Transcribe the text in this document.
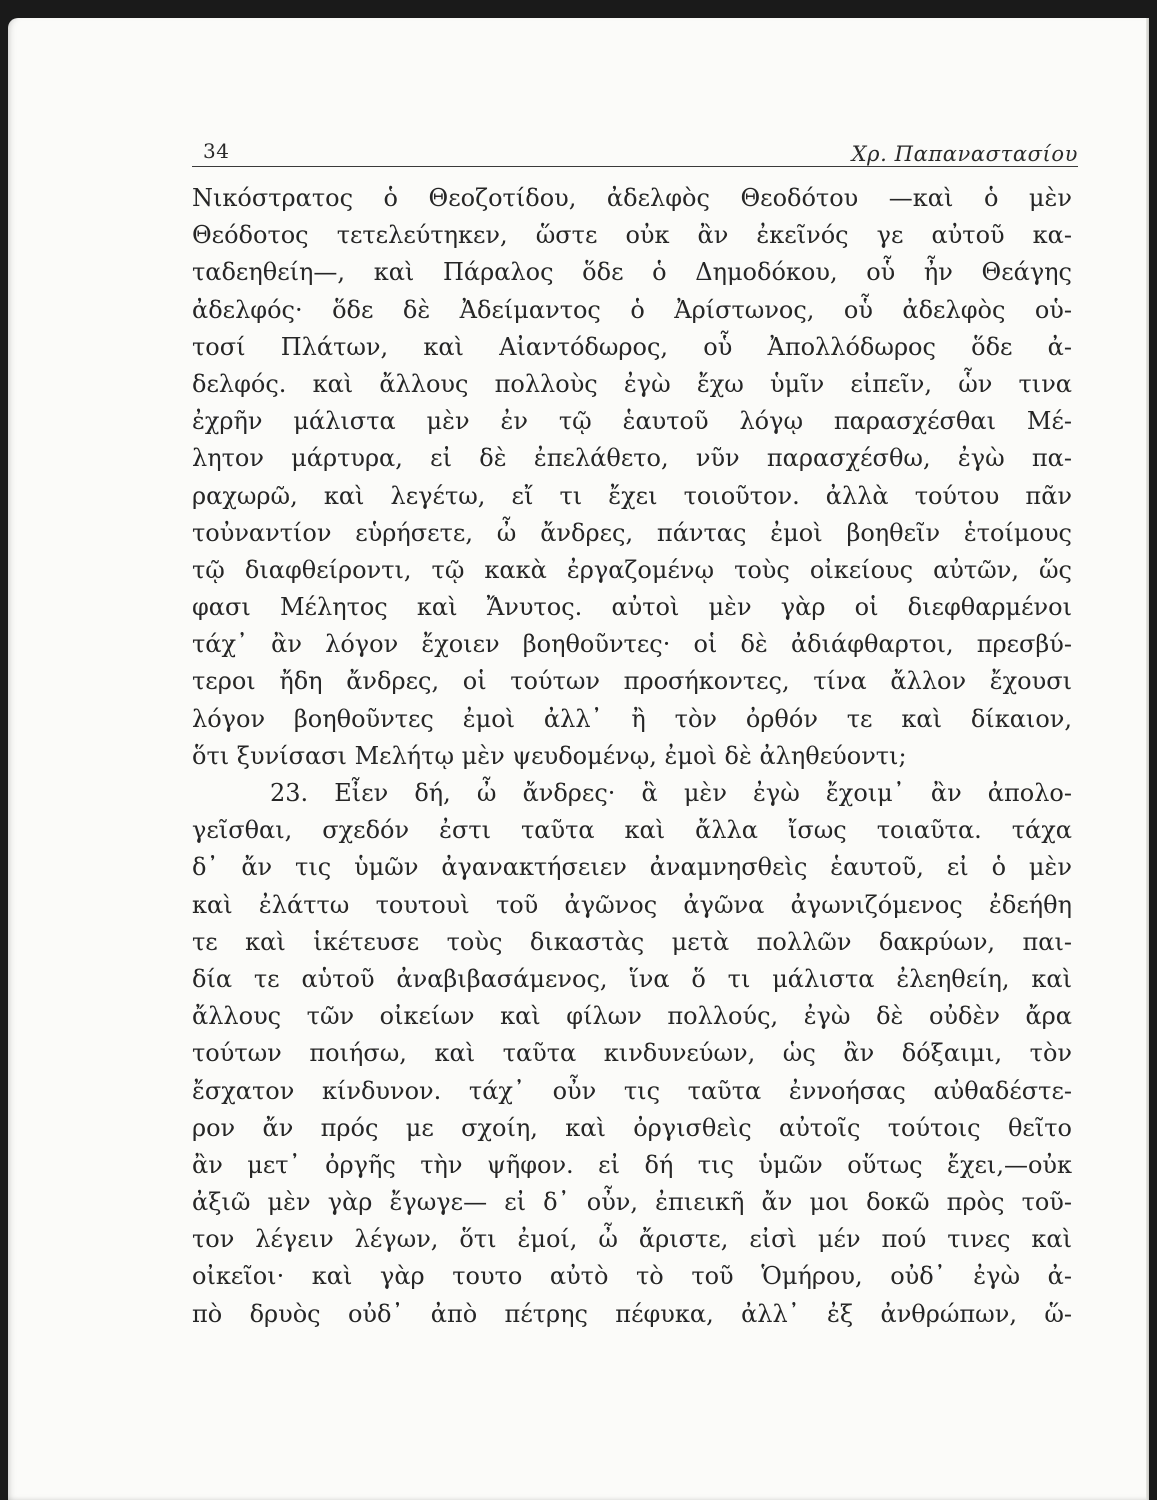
34	Χρ. Παπαναστασίου
Νικόστρατος ὁ Θεοζοτίδου, ἀδελφὸς Θεοδότου —καὶ ὁ μὲν
Θεόδοτος τετελεύτηκεν, ὥστε οὐκ ἂν ἐκεῖνός γε αὐτοῦ κα-
ταδεηθείη—, καὶ Πάραλος ὅδε ὁ Δημοδόκου, οὗ ἦν Θεάγης
ἀδελφός· ὅδε δὲ Ἀδείμαντος ὁ Ἀρίστωνος, οὗ ἀδελφὸς οὑ-
τοσί Πλάτων, καὶ Αἰαντόδωρος, οὗ Ἀπολλόδωρος ὅδε ἀ-
δελφός. καὶ ἄλλους πολλοὺς ἐγὼ ἔχω ὑμῖν εἰπεῖν, ὧν τινα
ἐχρῆν μάλιστα μὲν ἐν τῷ ἑαυτοῦ λόγῳ παρασχέσθαι Μέ-
λητον μάρτυρα, εἰ δὲ ἐπελάθετο, νῦν παρασχέσθω, ἐγὼ πα-
ραχωρῶ, καὶ λεγέτω, εἴ τι ἔχει τοιοῦτον. ἀλλὰ τούτου πᾶν
τοὐναντίον εὑρήσετε, ὦ ἄνδρες, πάντας ἐμοὶ βοηθεῖν ἑτοίμους
τῷ διαφθείροντι, τῷ κακὰ ἐργαζομένῳ τοὺς οἰκείους αὐτῶν, ὥς
φασι Μέλητος καὶ Ἄνυτος. αὐτοὶ μὲν γὰρ οἱ διεφθαρμένοι
τάχ᾽ ἂν λόγον ἔχοιεν βοηθοῦντες· οἱ δὲ ἀδιάφθαρτοι, πρεσβύ-
τεροι ἤδη ἄνδρες, οἱ τούτων προσήκοντες, τίνα ἄλλον ἔχουσι
λόγον βοηθοῦντες ἐμοὶ ἀλλ᾽ ἢ τὸν ὀρθόν τε καὶ δίκαιον,
ὅτι ξυνίσασι Μελήτῳ μὲν ψευδομένῳ, ἐμοὶ δὲ ἀληθεύοντι;
23. Εἶεν δή, ὦ ἄνδρες· ἃ μὲν ἐγὼ ἔχοιμ᾽ ἂν ἀπολο-
γεῖσθαι, σχεδόν ἐστι ταῦτα καὶ ἄλλα ἴσως τοιαῦτα. τάχα
δ᾽ ἄν τις ὑμῶν ἀγανακτήσειεν ἀναμνησθεὶς ἑαυτοῦ, εἰ ὁ μὲν
καὶ ἐλάττω τουτουὶ τοῦ ἀγῶνος ἀγῶνα ἀγωνιζόμενος ἐδεήθη
τε καὶ ἱκέτευσε τοὺς δικαστὰς μετὰ πολλῶν δακρύων, παι-
δία τε αὑτοῦ ἀναβιβασάμενος, ἵνα ὅ τι μάλιστα ἐλεηθείη, καὶ
ἄλλους τῶν οἰκείων καὶ φίλων πολλούς, ἐγὼ δὲ οὐδὲν ἄρα
τούτων ποιήσω, καὶ ταῦτα κινδυνεύων, ὡς ἂν δόξαιμι, τὸν
ἔσχατον κίνδυνον. τάχ᾽ οὖν τις ταῦτα ἐννοήσας αὐθαδέστε-
ρον ἄν πρός με σχοίη, καὶ ὀργισθεὶς αὐτοῖς τούτοις θεῖτο
ἂν μετ᾽ ὀργῆς τὴν ψῆφον. εἰ δή τις ὑμῶν οὕτως ἔχει,—οὐκ
ἀξιῶ μὲν γὰρ ἔγωγε— εἰ δ᾽ οὖν, ἐπιεικῆ ἄν μοι δοκῶ πρὸς τοῦ-
τον λέγειν λέγων, ὅτι ἐμοί, ὦ ἄριστε, εἰσὶ μέν πού τινες καὶ
οἰκεῖοι· καὶ γὰρ τουτο αὐτὸ τὸ τοῦ Ὁμήρου, οὐδ᾽ ἐγὼ ἀ-
πὸ δρυὸς οὐδ᾽ ἀπὸ πέτρης πέφυκα, ἀλλ᾽ ἐξ ἀνθρώπων, ὥ-
